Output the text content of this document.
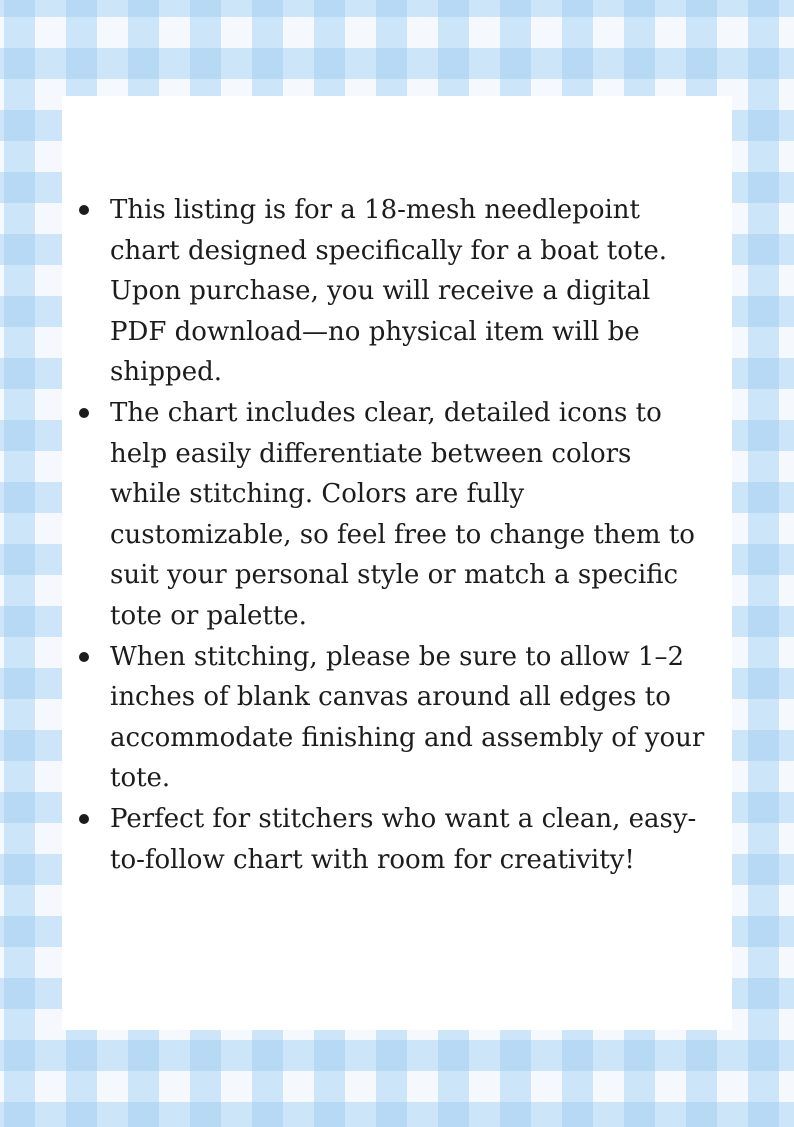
This listing is for a 18-mesh needlepoint chart designed specifically for a boat tote. Upon purchase, you will receive a digital PDF download—no physical item will be shipped.
The chart includes clear, detailed icons to help easily differentiate between colors while stitching. Colors are fully customizable, so feel free to change them to suit your personal style or match a specific tote or palette.
When stitching, please be sure to allow 1–2 inches of blank canvas around all edges to accommodate finishing and assembly of your tote.
Perfect for stitchers who want a clean, easy-to-follow chart with room for creativity!
